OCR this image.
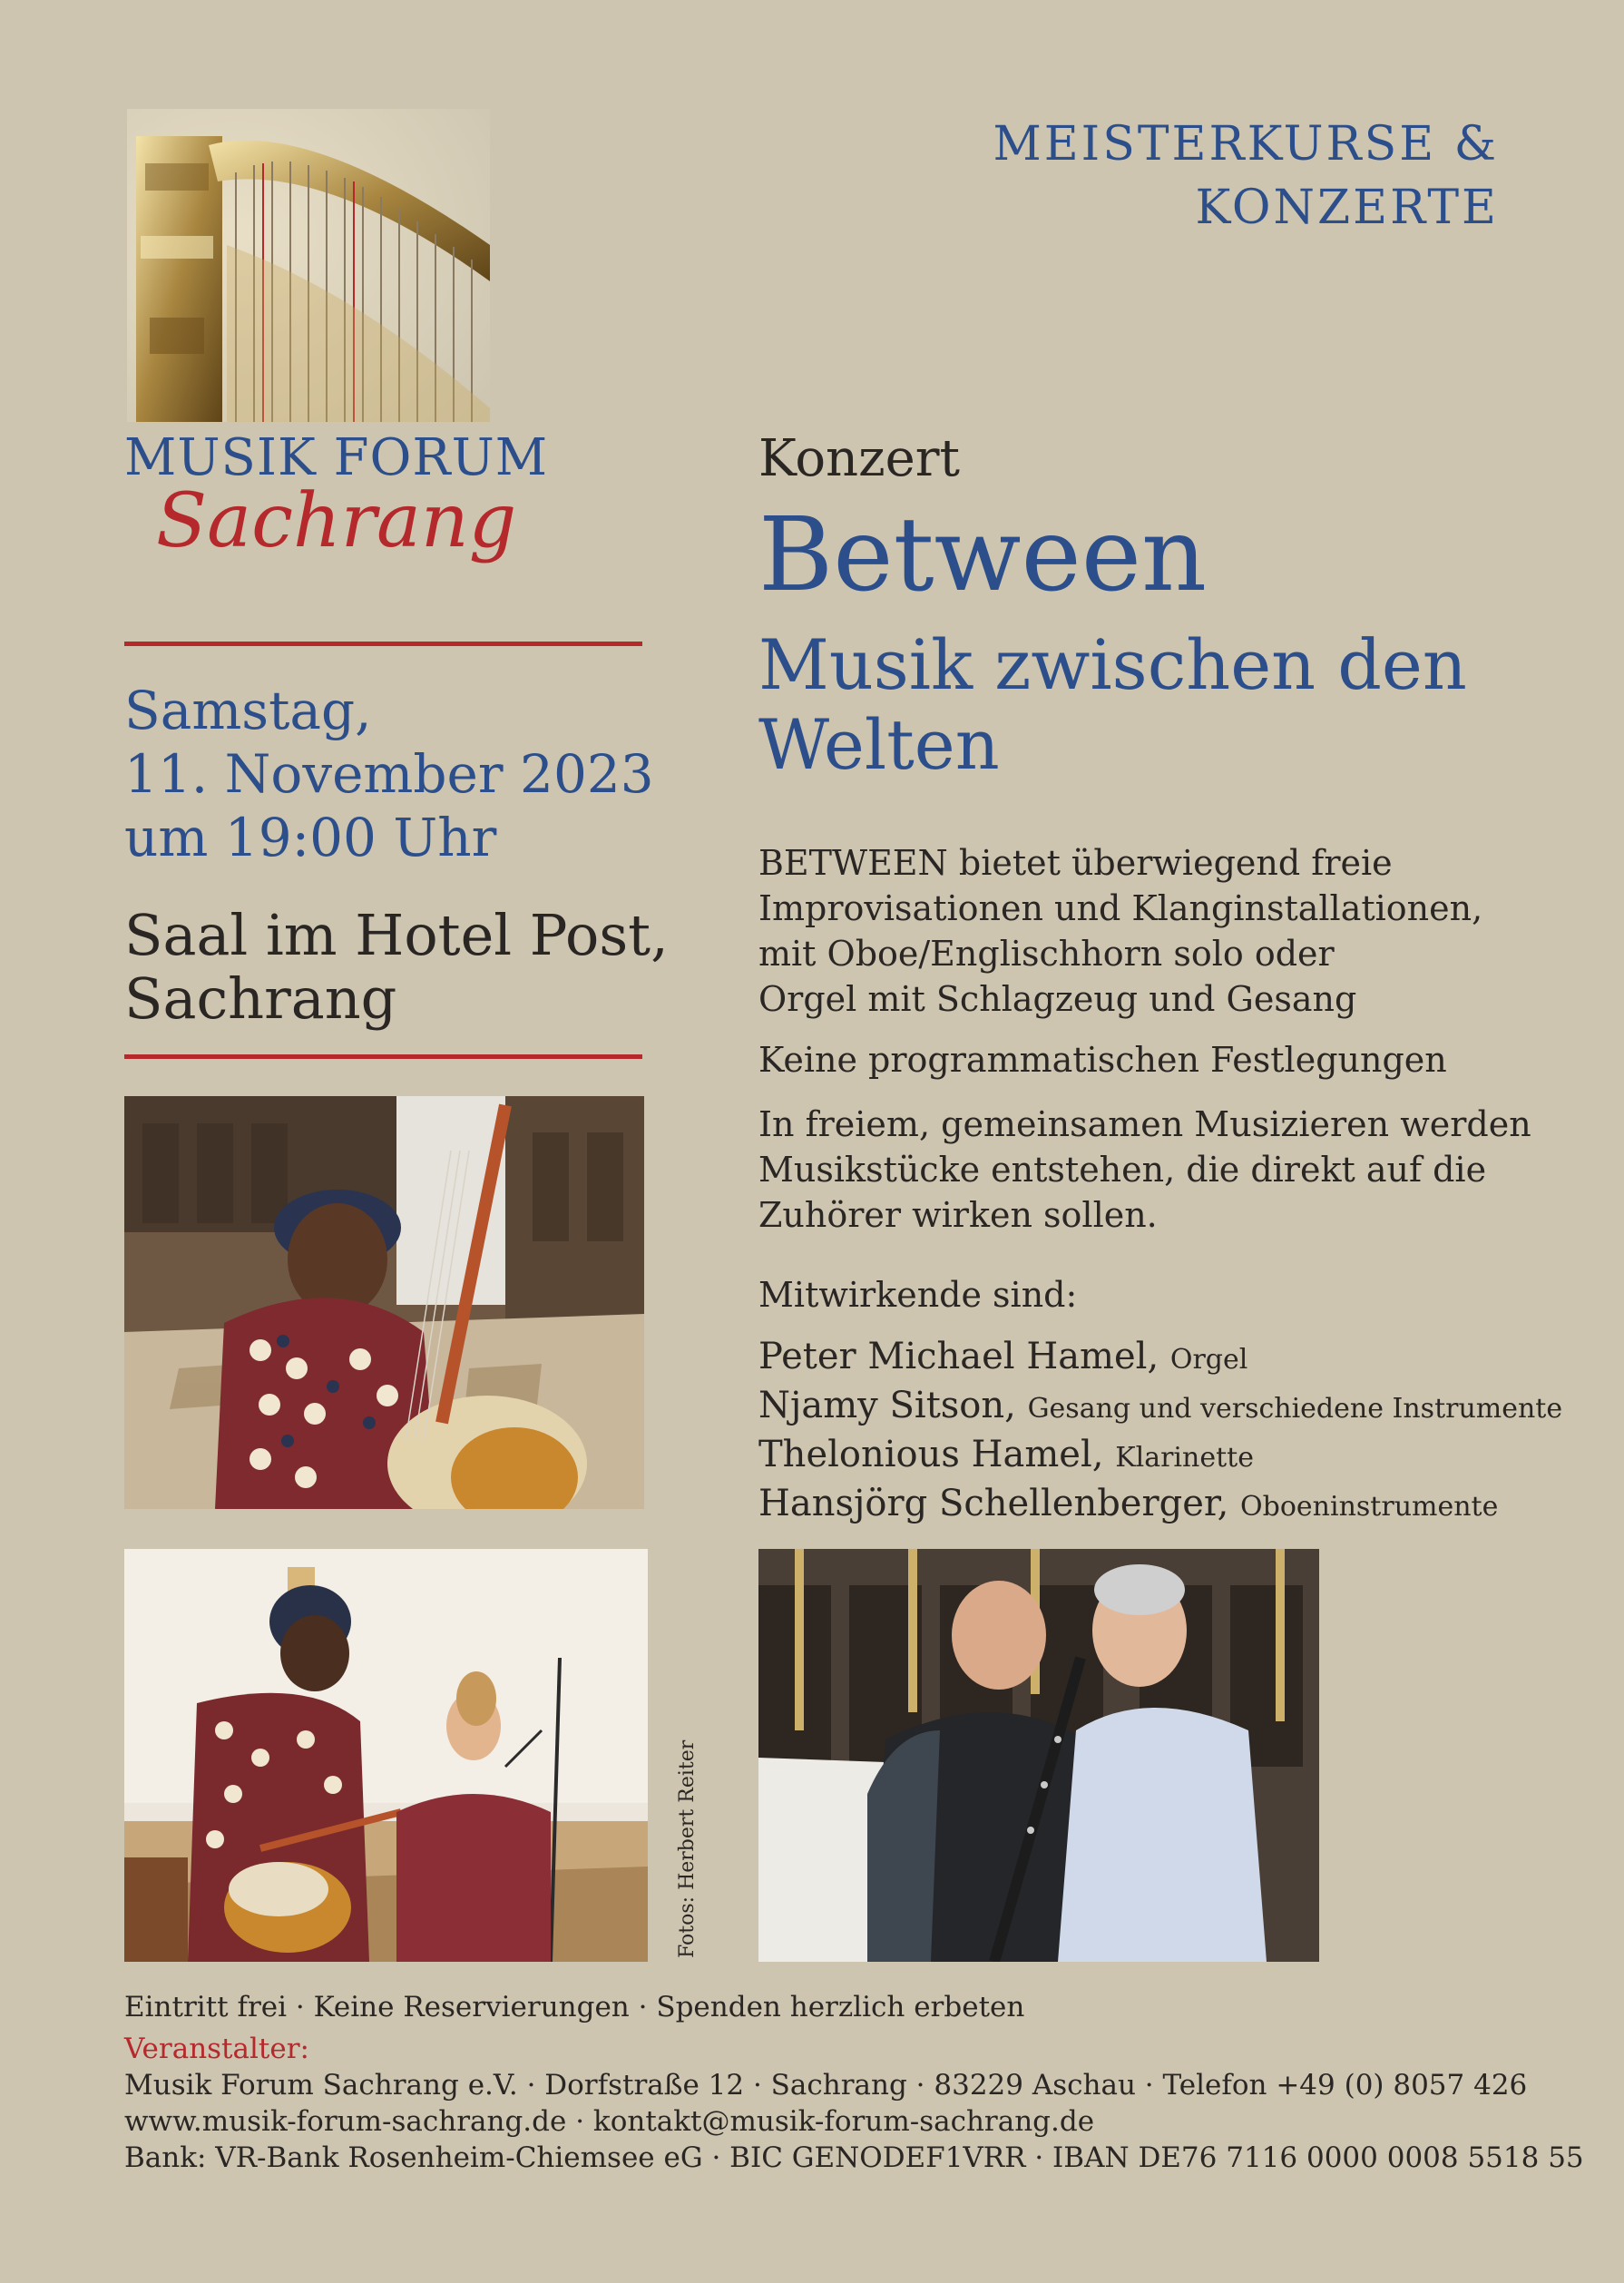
MUSIK FORUM
Sachrang
MEISTERKURSE &
KONZERTE
Samstag,
11. November 2023
um 19:00 Uhr
Saal im Hotel Post,
Sachrang
Konzert
Between
Musik zwischen den
Welten
BETWEEN bietet überwiegend freie
Improvisationen und Klanginstallationen,
mit Oboe/Englischhorn solo oder
Orgel mit Schlagzeug und Gesang
Keine programmatischen Festlegungen
In freiem, gemeinsamen Musizieren werden
Musikstücke entstehen, die direkt auf die
Zuhörer wirken sollen.
Mitwirkende sind:
Peter Michael Hamel, Orgel
Njamy Sitson, Gesang und verschiedene Instrumente
Thelonious Hamel, Klarinette
Hansjörg Schellenberger, Oboeninstrumente
Fotos: Herbert Reiter
Eintritt frei · Keine Reservierungen · Spenden herzlich erbeten
Veranstalter:
Musik Forum Sachrang e.V. · Dorfstraße 12 · Sachrang · 83229 Aschau · Telefon +49 (0) 8057 426
www.musik-forum-sachrang.de · kontakt@musik-forum-sachrang.de
Bank: VR-Bank Rosenheim-Chiemsee eG · BIC GENODEF1VRR · IBAN DE76 7116 0000 0008 5518 55
